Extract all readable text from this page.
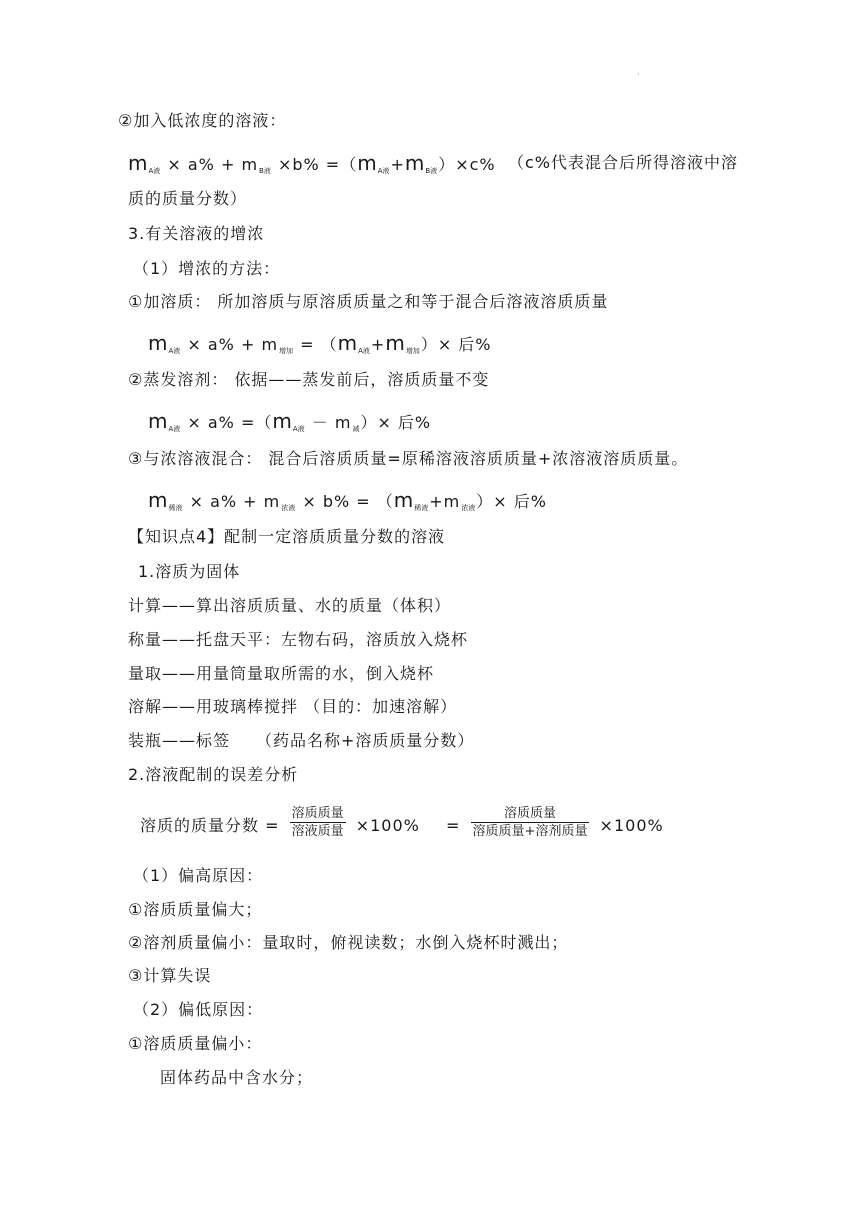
·
②加入低浓度的溶液：
$m_{A液} \times a\% + m_{B液} \times b\% =(m_{A液}+m_{B液})\times c\%$ （c%代表混合后所得溶液中溶
质的质量分数）
3.有关溶液的增浓
（1）增浓的方法：
①加溶质： 所加溶质与原溶质质量之和等于混合后溶液溶质质量
$m_{A液} \times a\% + m_{增加} = (m_{A液}+m_{增加})\times$ 后%
②蒸发溶剂： 依据——蒸发前后，溶质质量不变
$m_{A液} \times a\% =(m_{A液} - m_减)\times$ 后%
③与浓溶液混合： 混合后溶质质量=原稀溶液溶质质量+浓溶液溶质质量。
$m_{稀液} \times a\% + m_{浓液} \times b\% = (m_{稀液}+m_{浓液})\times$ 后%
【知识点4】配制一定溶质质量分数的溶液
1.溶质为固体
计算——算出溶质质量、水的质量（体积）
称量——托盘天平：左物右码，溶质放入烧杯
量取——用量筒量取所需的水，倒入烧杯
溶解——用玻璃棒搅拌 （目的：加速溶解）
装瓶——标签　　（药品名称+溶质质量分数）
2.溶液配制的误差分析
溶质的质量分数 = $\frac{\text{溶质质量}}{\text{溶液质量}} \times 100\% = \frac{\text{溶质质量}}{\text{溶质质量+溶剂质量}} \times 100\%$
（1）偏高原因：
①溶质质量偏大；
②溶剂质量偏小：量取时，俯视读数；水倒入烧杯时溅出；
③计算失误
（2）偏低原因：
①溶质质量偏小：
固体药品中含水分；
